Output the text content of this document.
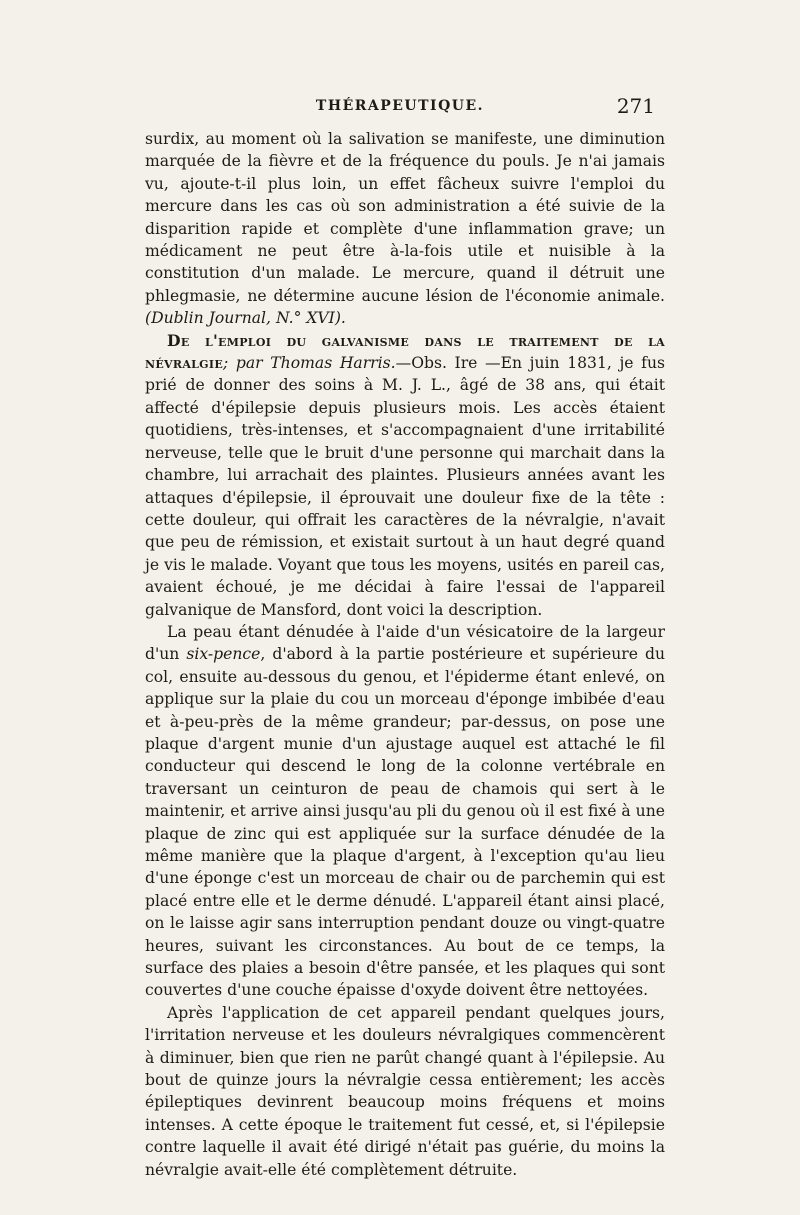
THÉRAPEUTIQUE.	271

surdix, au moment où la salivation se manifeste, une diminution marquée de la fièvre et de la fréquence du pouls. Je n'ai jamais vu, ajoute-t-il plus loin, un effet fâcheux suivre l'emploi du mercure dans les cas où son administration a été suivie de la disparition rapide et complète d'une inflammation grave; un médicament ne peut être à-la-fois utile et nuisible à la constitution d'un malade. Le mercure, quand il détruit une phlegmasie, ne détermine aucune lésion de l'économie animale. (Dublin Journal, N.° XVI).

De l'emploi du galvanisme dans le traitement de la névralgie; par Thomas Harris.—Obs. Ire —En juin 1831, je fus prié de donner des soins à M. J. L., âgé de 38 ans, qui était affecté d'épilepsie depuis plusieurs mois. Les accès étaient quotidiens, très-intenses, et s'accompagnaient d'une irritabilité nerveuse, telle que le bruit d'une personne qui marchait dans la chambre, lui arrachait des plaintes. Plusieurs années avant les attaques d'épilepsie, il éprouvait une douleur fixe de la tête : cette douleur, qui offrait les caractères de la névralgie, n'avait que peu de rémission, et existait surtout à un haut degré quand je vis le malade. Voyant que tous les moyens, usités en pareil cas, avaient échoué, je me décidai à faire l'essai de l'appareil galvanique de Mansford, dont voici la description.

La peau étant dénudée à l'aide d'un vésicatoire de la largeur d'un six-pence, d'abord à la partie postérieure et supérieure du col, ensuite au-dessous du genou, et l'épiderme étant enlevé, on applique sur la plaie du cou un morceau d'éponge imbibée d'eau et à-peu-près de la même grandeur; par-dessus, on pose une plaque d'argent munie d'un ajustage auquel est attaché le fil conducteur qui descend le long de la colonne vertébrale en traversant un ceinturon de peau de chamois qui sert à le maintenir, et arrive ainsi jusqu'au pli du genou où il est fixé à une plaque de zinc qui est appliquée sur la surface dénudée de la même manière que la plaque d'argent, à l'exception qu'au lieu d'une éponge c'est un morceau de chair ou de parchemin qui est placé entre elle et le derme dénudé. L'appareil étant ainsi placé, on le laisse agir sans interruption pendant douze ou vingt-quatre heures, suivant les circonstances. Au bout de ce temps, la surface des plaies a besoin d'être pansée, et les plaques qui sont couvertes d'une couche épaisse d'oxyde doivent être nettoyées.

Après l'application de cet appareil pendant quelques jours, l'irritation nerveuse et les douleurs névralgiques commencèrent à diminuer, bien que rien ne parût changé quant à l'épilepsie. Au bout de quinze jours la névralgie cessa entièrement; les accès épileptiques devinrent beaucoup moins fréquens et moins intenses. A cette époque le traitement fut cessé, et, si l'épilepsie contre laquelle il avait été dirigé n'était pas guérie, du moins la névralgie avait-elle été complètement détruite.
